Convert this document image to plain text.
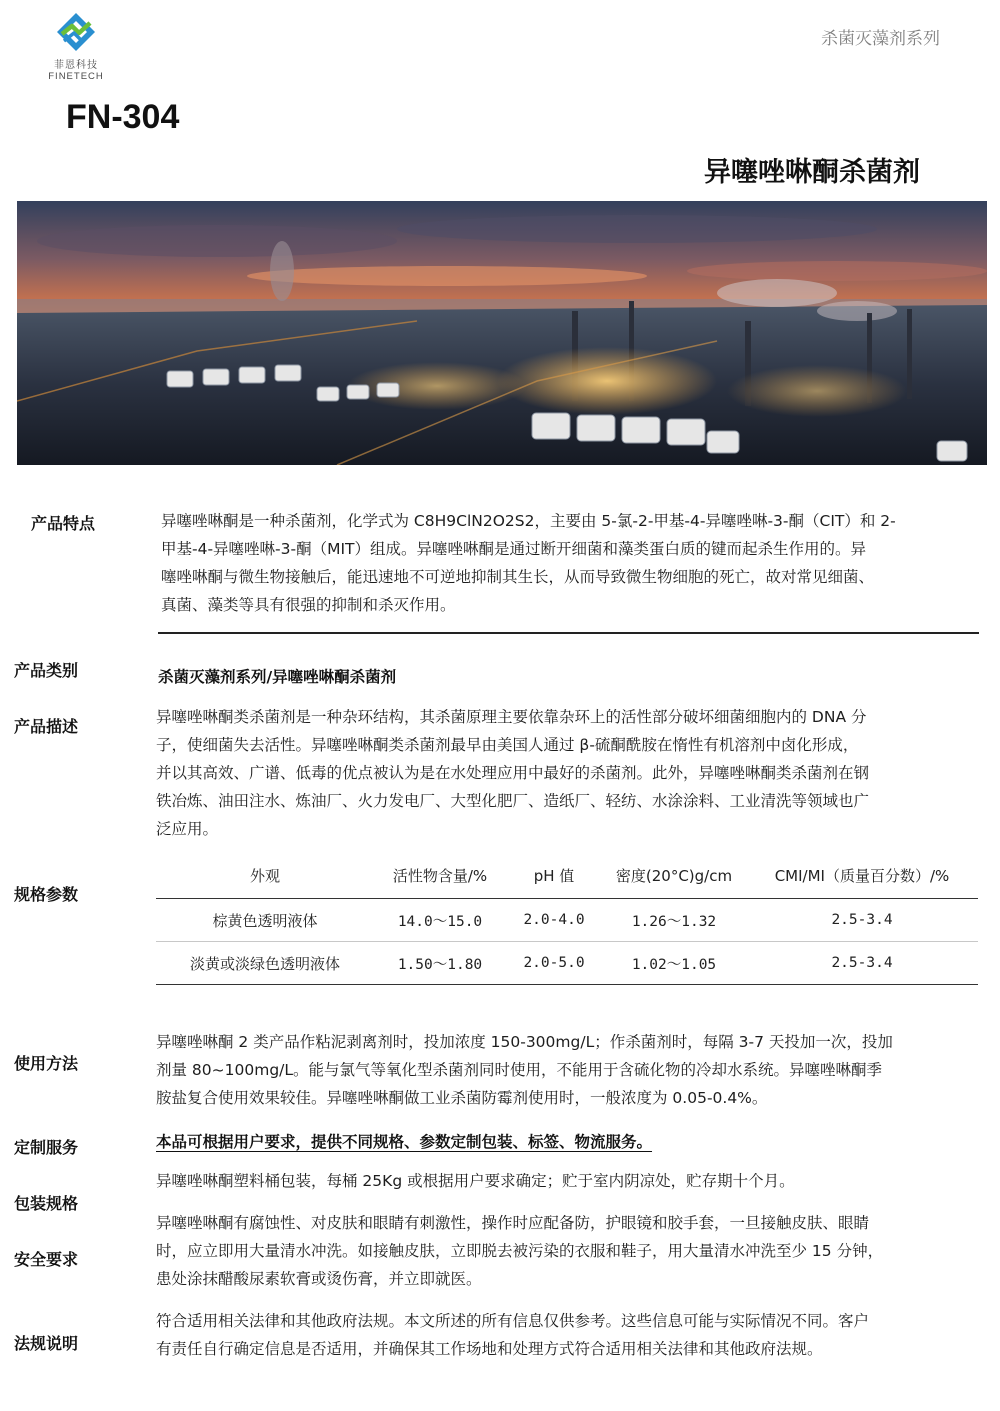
菲恩科技
FINETECH
杀菌灭藻剂系列
FN-304
异噻唑啉酮杀菌剂
产品特点	异噻唑啉酮是一种杀菌剂，化学式为 C8H9ClN2O2S2，主要由 5-氯-2-甲基-4-异噻唑啉-3-酮（CIT）和 2-
甲基-4-异噻唑啉-3-酮（MIT）组成。异噻唑啉酮是通过断开细菌和藻类蛋白质的键而起杀生作用的。异
噻唑啉酮与微生物接触后，能迅速地不可逆地抑制其生长，从而导致微生物细胞的死亡，故对常见细菌、
真菌、藻类等具有很强的抑制和杀灭作用。
产品类别	杀菌灭藻剂系列/异噻唑啉酮杀菌剂
产品描述	异噻唑啉酮类杀菌剂是一种杂环结构，其杀菌原理主要依靠杂环上的活性部分破坏细菌细胞内的 DNA 分
子，使细菌失去活性。异噻唑啉酮类杀菌剂最早由美国人通过 β-硫酮酰胺在惰性有机溶剂中卤化形成，
并以其高效、广谱、低毒的优点被认为是在水处理应用中最好的杀菌剂。此外，异噻唑啉酮类杀菌剂在钢
铁冶炼、油田注水、炼油厂、火力发电厂、大型化肥厂、造纸厂、轻纺、水涂涂料、工业清洗等领域也广
泛应用。
规格参数
外观	活性物含量/%	pH 值	密度(20°C)g/cm	CMI/MI（质量百分数）/%
棕黄色透明液体	14.0～15.0	2.0-4.0	1.26～1.32	2.5-3.4
淡黄或淡绿色透明液体	1.50～1.80	2.0-5.0	1.02～1.05	2.5-3.4
使用方法
异噻唑啉酮 2 类产品作粘泥剥离剂时，投加浓度 150-300mg/L；作杀菌剂时，每隔 3-7 天投加一次，投加
剂量 80~100mg/L。能与氯气等氧化型杀菌剂同时使用，不能用于含硫化物的冷却水系统。异噻唑啉酮季
胺盐复合使用效果较佳。异噻唑啉酮做工业杀菌防霉剂使用时，一般浓度为 0.05-0.4%。
定制服务	本品可根据用户要求，提供不同规格、参数定制包装、标签、物流服务。
包装规格
异噻唑啉酮塑料桶包装，每桶 25Kg 或根据用户要求确定；贮于室内阴凉处，贮存期十个月。
安全要求
异噻唑啉酮有腐蚀性、对皮肤和眼睛有刺激性，操作时应配备防，护眼镜和胶手套，一旦接触皮肤、眼睛
时，应立即用大量清水冲洗。如接触皮肤，立即脱去被污染的衣服和鞋子，用大量清水冲洗至少 15 分钟，
患处涂抹醋酸尿素软膏或烫伤膏，并立即就医。
法规说明
符合适用相关法律和其他政府法规。本文所述的所有信息仅供参考。这些信息可能与实际情况不同。客户
有责任自行确定信息是否适用，并确保其工作场地和处理方式符合适用相关法律和其他政府法规。
